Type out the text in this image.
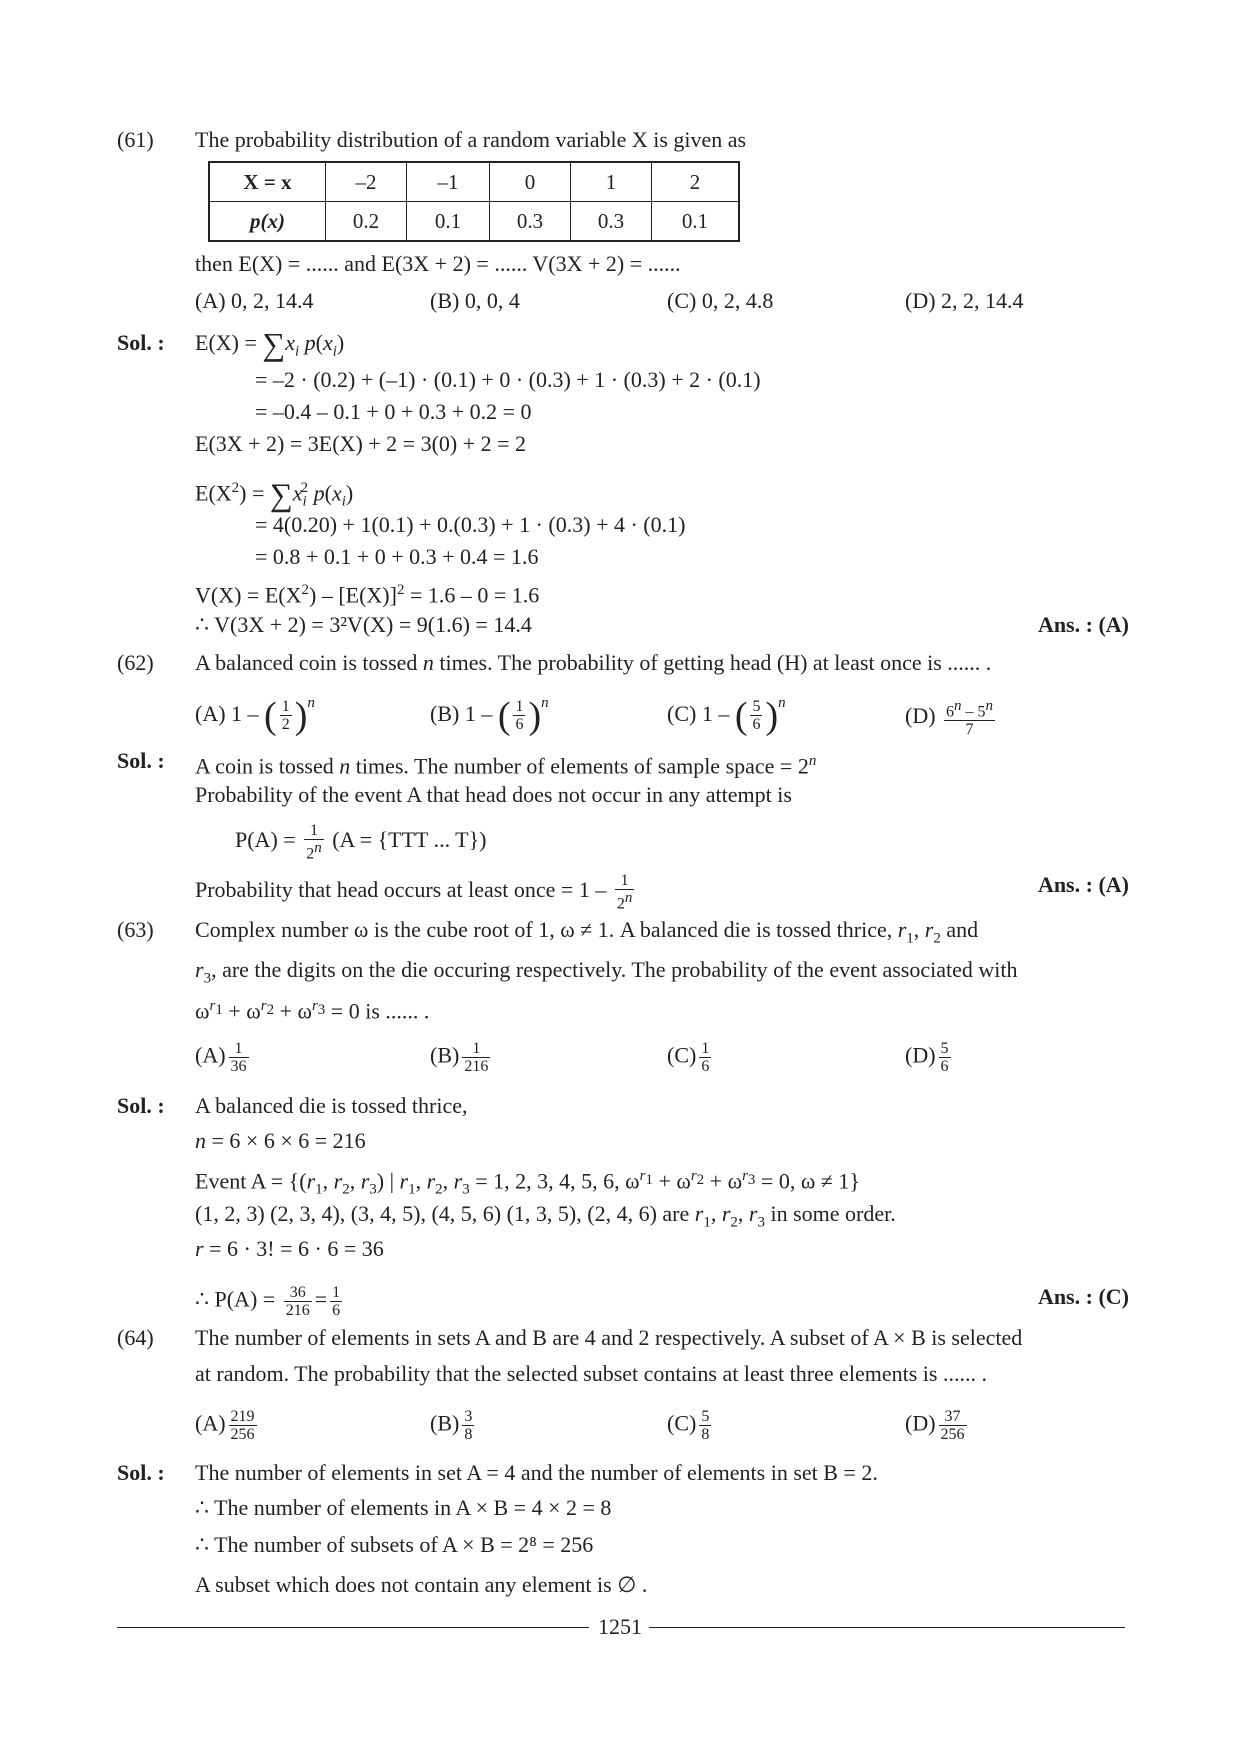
(61) The probability distribution of a random variable X is given as
X = x	–2	–1	0	1	2
p(x)	0.2	0.1	0.3	0.3	0.1
then E(X) = ...... and E(3X + 2) = ...... V(3X + 2) = ......
(A) 0, 2, 14.4	(B) 0, 0, 4	(C) 0, 2, 4.8	(D) 2, 2, 14.4
Sol. : $E(X) = \sum x_i$ $p(x_i)$
= –2 · (0.2) + (–1) · (0.1) + 0 · (0.3) + 1 · (0.3) + 2 · (0.1)
= –0.4 – 0.1 + 0 + 0.3 + 0.2 = 0
E(3X + 2) = 3E(X) + 2 = 3(0) + 2 = 2
$E(X^2) = \sum x_i^2$ $p(x_i)$
= 4(0.20) + 1(0.1) + 0.(0.3) + 1 · (0.3) + 4 · (0.1)
= 0.8 + 0.1 + 0 + 0.3 + 0.4 = 1.6
$V(X) = E(X^2) - [E(X)]^2 = 1.6 - 0 = 1.6$
∴ V(3X + 2) = 3²V(X) = 9(1.6) = 14.4	Ans. : (A)
(62) A balanced coin is tossed n times. The probability of getting head (H) at least once is ...... .
(A) 1 – ( $\frac{1}{2} )^n$	(B) 1 – ( $\frac{1}{6} )^n$	(C) 1 – ( $\frac{5}{6} )^n$
$(D) \frac{6^n - 5^n}{7}$
Sol. : A coin is tossed n times. The number of elements of sample space = $2^n$
Probability of the event A that head does not occur in any attempt is
$P(A) = \frac{1}{2^n} (A = \{TTT$ ... T})
Probability that head occurs at least once = $1 - \frac{1}{2^n}$	Ans. : (A)
(63) Complex number ω is the cube root of 1, ω ≠ 1. A balanced die is tossed thrice, $r_1$, $r_2$ and
$r_3$, are the digits on the die occuring respectively. The probability of the event associated with
$\omega^{r_1} + \omega^{r_2} + \omega^{r_3} = 0$ is ...... .
$(A) \frac{1}{36}$	$(B) \frac{1}{216}$	$(C) \frac{1}{6}$	$(D) \frac{5}{6}$
Sol. : A balanced die is tossed thrice,
n = 6 × 6 × 6 = 216
Event $A = \{(r_1$, $r_2$, $r_3$) | $r_1$, $r_2$, $r_3 = 1$, 2, 3, 4, 5, 6, $\omega^{r_1} + \omega^{r_2} + \omega^{r_3} = 0$, ω ≠ 1}
(1, 2, 3) (2, 3, 4), (3, 4, 5), (4, 5, 6) (1, 3, 5), (2, 4, 6) are $r_1$, $r_2$, $r_3$ in some order.
r = 6 · 3! = 6 · 6 = 36
∴ $P(A) = \frac{36}{216} = \frac{1}{6}$	Ans. : (C)
(64) The number of elements in sets A and B are 4 and 2 respectively. A subset of A × B is selected
at random. The probability that the selected subset contains at least three elements is ...... .
$(A) \frac{219}{256}$	$(B) \frac{3}{8}$	$(C) \frac{5}{8}$	$(D) \frac{37}{256}$
Sol. : The number of elements in set A = 4 and the number of elements in set B = 2.
∴ The number of elements in A × B = 4 × 2 = 8
∴ The number of subsets of A × B = 2⁸ = 256
A subset which does not contain any element is ∅ .
1251
